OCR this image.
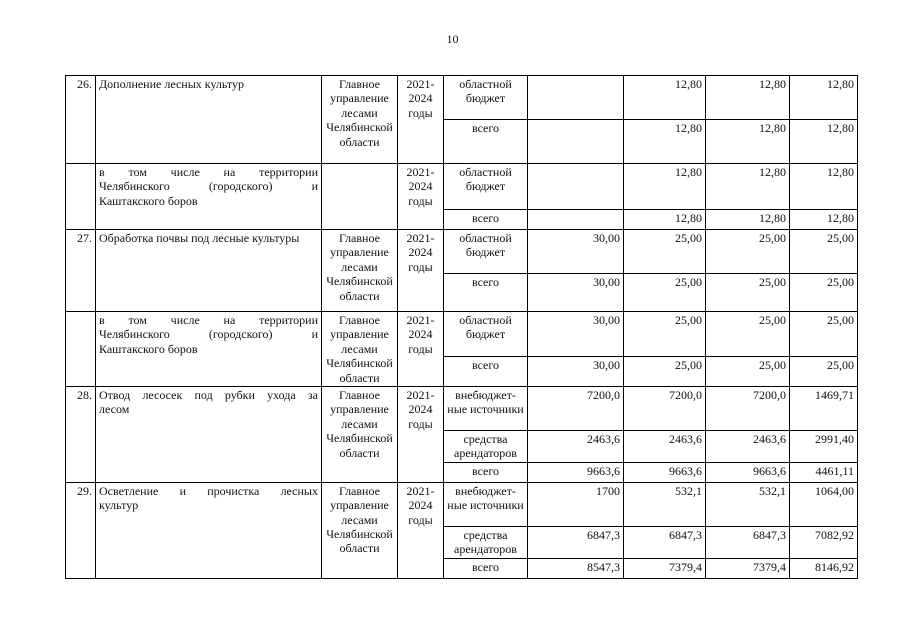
10
26.	Дополнение лесных культур	Главное управление лесами Челябинской области	2021-2024 годы	областной бюджет		12,80	12,80	12,80
				всего		12,80	12,80	12,80

	в том числе на территории
Челябинского (городского) и
Каштакского боров		2021-2024 годы	областной бюджет		12,80	12,80	12,80
				всего		12,80	12,80	12,80
27.	Обработка почвы под лесные культуры	Главное управление лесами Челябинской области	2021-2024 годы	областной бюджет	30,00	25,00	25,00	25,00
				всего	30,00	25,00	25,00	25,00

	в том числе на территории
Челябинского (городского) и
Каштакского боров	Главное управление лесами Челябинской области	2021-2024 годы	областной бюджет	30,00	25,00	25,00	25,00
				всего	30,00	25,00	25,00	25,00
28.	Отвод лесосек под рубки ухода за
лесом	Главное управление лесами Челябинской области	2021-2024 годы	внебюджет-ные источники	7200,0	7200,0	7200,0	1469,71
				средства арендаторов	2463,6	2463,6	2463,6	2991,40
				всего	9663,6	9663,6	9663,6	4461,11
29.	Осветление и прочистка лесных
культур	Главное управление лесами Челябинской области	2021-2024 годы	внебюджет-ные источники	1700	532,1	532,1	1064,00
				средства арендаторов	6847,3	6847,3	6847,3	7082,92
				всего	8547,3	7379,4	7379,4	8146,92
